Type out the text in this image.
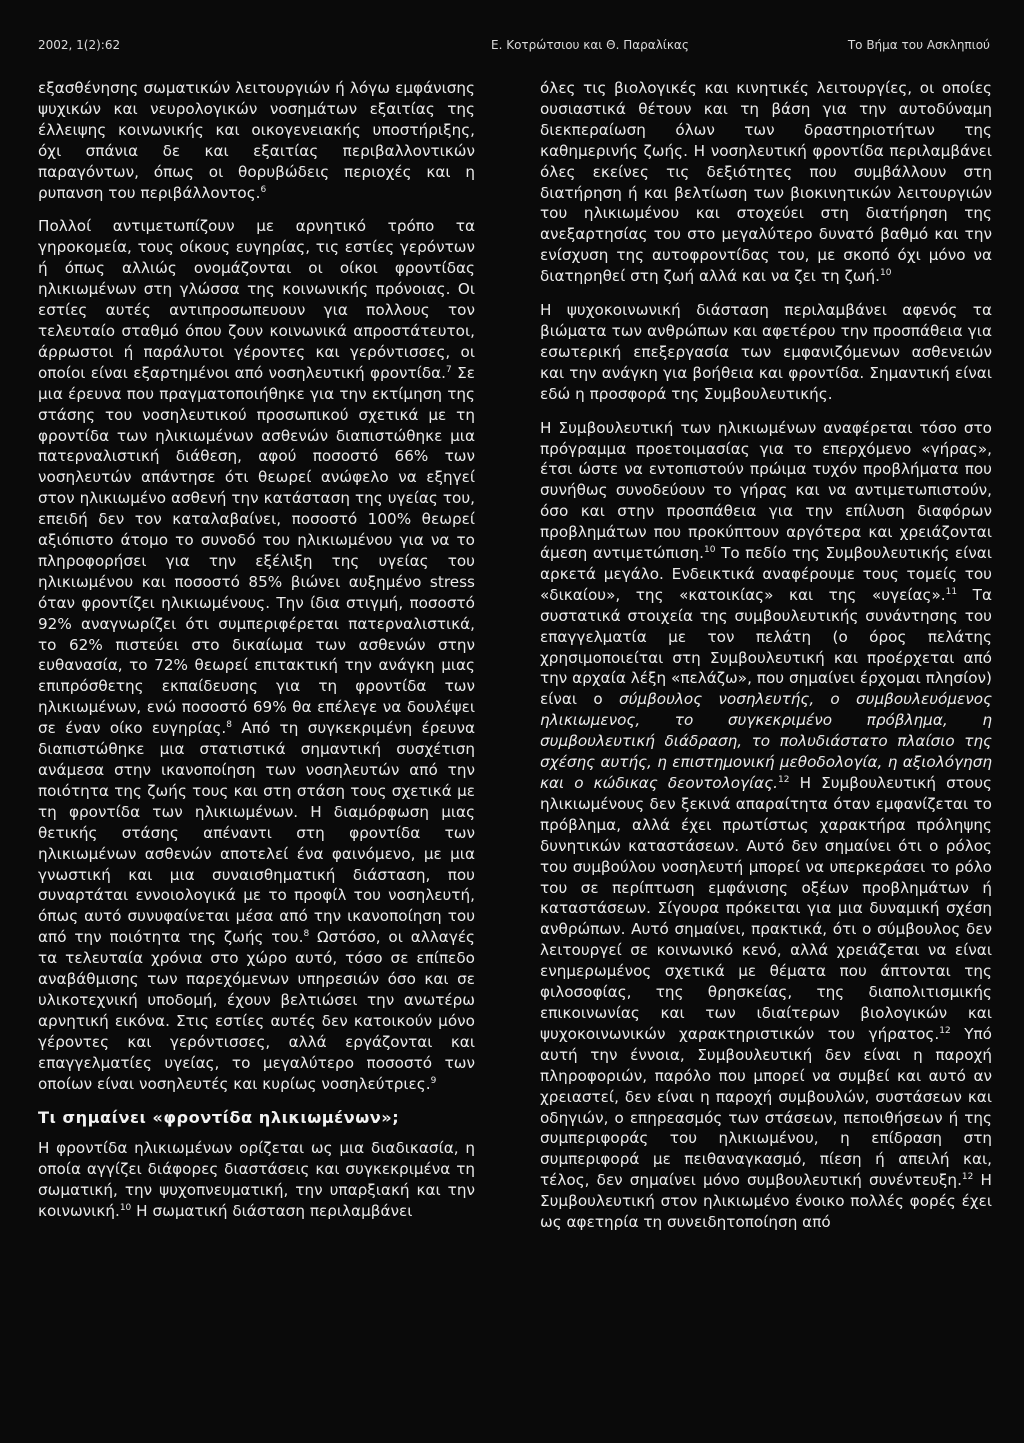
2002, 1(2):62	Ε. Κοτρώτσιου και Θ. Παραλίκας	Το Βήμα του Ασκληπιού

εξασθένησης σωματικών λειτουργιών ή λόγω εμφάνισης ψυχικών και νευρολογικών νοσημάτων εξαιτίας της έλλειψης κοινωνικής και οικογενειακής υποστήριξης, όχι σπάνια δε και εξαιτίας περιβαλλοντικών παραγόντων, όπως οι θορυβώδεις περιοχές και η ρυπανση του περιβάλλοντος.$^6$

Πολλοί αντιμετωπίζουν με αρνητικό τρόπο τα γηροκομεία, τους οίκους ευγηρίας, τις εστίες γερόντων ή όπως αλλιώς ονομάζονται οι οίκοι φροντίδας ηλικιωμένων στη γλώσσα της κοινωνικής πρόνοιας. Οι εστίες αυτές αντιπροσωπευουν για πολλους τον τελευταίο σταθμό όπου ζουν κοινωνικά απροστάτευτοι, άρρωστοι ή παράλυτοι γέροντες και γερόντισσες, οι οποίοι είναι εξαρτημένοι από νοσηλευτική φροντίδα.$^7$ Σε μια έρευνα που πραγματοποιήθηκε για την εκτίμηση της στάσης του νοσηλευτικού προσωπικού σχετικά με τη φροντίδα των ηλικιωμένων ασθενών διαπιστώθηκε μια πατερναλιστική διάθεση, αφού ποσοστό 66% των νοσηλευτών απάντησε ότι θεωρεί ανώφελο να εξηγεί στον ηλικιωμένο ασθενή την κατάσταση της υγείας του, επειδή δεν τον καταλαβαίνει, ποσοστό 100% θεωρεί αξιόπιστο άτομο το συνοδό του ηλικιωμένου για να το πληροφορήσει για την εξέλιξη της υγείας του ηλικιωμένου και ποσοστό 85% βιώνει αυξημένο stress όταν φροντίζει ηλικιωμένους. Την ίδια στιγμή, ποσοστό 92% αναγνωρίζει ότι συμπεριφέρεται πατερναλιστικά, το 62% πιστεύει στο δικαίωμα των ασθενών στην ευθανασία, το 72% θεωρεί επιτακτική την ανάγκη μιας επιπρόσθετης εκπαίδευσης για τη φροντίδα των ηλικιωμένων, ενώ ποσοστό 69% θα επέλεγε να δουλέψει σε έναν οίκο ευγηρίας.$^8$ Από τη συγκεκριμένη έρευνα διαπιστώθηκε μια στατιστικά σημαντική συσχέτιση ανάμεσα στην ικανοποίηση των νοσηλευτών από την ποιότητα της ζωής τους και στη στάση τους σχετικά με τη φροντίδα των ηλικιωμένων. Η διαμόρφωση μιας θετικής στάσης απέναντι στη φροντίδα των ηλικιωμένων ασθενών αποτελεί ένα φαινόμενο, με μια γνωστική και μια συναισθηματική διάσταση, που συναρτάται εννοιολογικά με το προφίλ του νοσηλευτή, όπως αυτό συνυφαίνεται μέσα από την ικανοποίηση του από την ποιότητα της ζωής του.$^8$ Ωστόσο, οι αλλαγές τα τελευταία χρόνια στο χώρο αυτό, τόσο σε επίπεδο αναβάθμισης των παρεχόμενων υπηρεσιών όσο και σε υλικοτεχνική υποδομή, έχουν βελτιώσει την ανωτέρω αρνητική εικόνα. Στις εστίες αυτές δεν κατοικούν μόνο γέροντες και γερόντισσες, αλλά εργάζονται και επαγγελματίες υγείας, το μεγαλύτερο ποσοστό των οποίων είναι νοσηλευτές και κυρίως νοσηλεύτριες.$^9$

Τι σημαίνει «φροντίδα ηλικιωμένων»;

Η φροντίδα ηλικιωμένων ορίζεται ως μια διαδικασία, η οποία αγγίζει διάφορες διαστάσεις και συγκεκριμένα τη σωματική, την ψυχοπνευματική, την υπαρξιακή και την κοινωνική.$^{10}$ Η σωματική διάσταση περιλαμβάνει

όλες τις βιολογικές και κινητικές λειτουργίες, οι οποίες ουσιαστικά θέτουν και τη βάση για την αυτοδύναμη διεκπεραίωση όλων των δραστηριοτήτων της καθημερινής ζωής. Η νοσηλευτική φροντίδα περιλαμβάνει όλες εκείνες τις δεξιότητες που συμβάλλουν στη διατήρηση ή και βελτίωση των βιοκινητικών λειτουργιών του ηλικιωμένου και στοχεύει στη διατήρηση της ανεξαρτησίας του στο μεγαλύτερο δυνατό βαθμό και την ενίσχυση της αυτοφροντίδας του, με σκοπό όχι μόνο να διατηρηθεί στη ζωή αλλά και να ζει τη ζωή.$^{10}$

Η ψυχοκοινωνική διάσταση περιλαμβάνει αφενός τα βιώματα των ανθρώπων και αφετέρου την προσπάθεια για εσωτερική επεξεργασία των εμφανιζόμενων ασθενειών και την ανάγκη για βοήθεια και φροντίδα. Σημαντική είναι εδώ η προσφορά της Συμβουλευτικής.

Η Συμβουλευτική των ηλικιωμένων αναφέρεται τόσο στο πρόγραμμα προετοιμασίας για το επερχόμενο «γήρας», έτσι ώστε να εντοπιστούν πρώιμα τυχόν προβλήματα που συνήθως συνοδεύουν το γήρας και να αντιμετωπιστούν, όσο και στην προσπάθεια για την επίλυση διαφόρων προβλημάτων που προκύπτουν αργότερα και χρειάζονται άμεση αντιμετώπιση.$^{10}$ Το πεδίο της Συμβουλευτικής είναι αρκετά μεγάλο. Ενδεικτικά αναφέρουμε τους τομείς του «δικαίου», της «κατοικίας» και της «υγείας».$^{11}$ Τα συστατικά στοιχεία της συμβουλευτικής συνάντησης του επαγγελματία με τον πελάτη (ο όρος πελάτης χρησιμοποιείται στη Συμβουλευτική και προέρχεται από την αρχαία λέξη «πελάζω», που σημαίνει έρχομαι πλησίον) είναι ο σύμβουλος νοσηλευτής, ο συμβουλευόμενος ηλικιωμενος, το συγκεκριμένο πρόβλημα, η συμβουλευτική διάδραση, το πολυδιάστατο πλαίσιο της σχέσης αυτής, η επιστημονική μεθοδολογία, η αξιολόγηση και ο κώδικας δεοντολογίας.$^{12}$ Η Συμβουλευτική στους ηλικιωμένους δεν ξεκινά απαραίτητα όταν εμφανίζεται το πρόβλημα, αλλά έχει πρωτίστως χαρακτήρα πρόληψης δυνητικών καταστάσεων. Αυτό δεν σημαίνει ότι ο ρόλος του συμβούλου νοσηλευτή μπορεί να υπερκεράσει το ρόλο του σε περίπτωση εμφάνισης οξέων προβλημάτων ή καταστάσεων. Σίγουρα πρόκειται για μια δυναμική σχέση ανθρώπων. Αυτό σημαίνει, πρακτικά, ότι ο σύμβουλος δεν λειτουργεί σε κοινωνικό κενό, αλλά χρειάζεται να είναι ενημερωμένος σχετικά με θέματα που άπτονται της φιλοσοφίας, της θρησκείας, της διαπολιτισμικής επικοινωνίας και των ιδιαίτερων βιολογικών και ψυχοκοινωνικών χαρακτηριστικών του γήρατος.$^{12}$ Υπό αυτή την έννοια, Συμβουλευτική δεν είναι η παροχή πληροφοριών, παρόλο που μπορεί να συμβεί και αυτό αν χρειαστεί, δεν είναι η παροχή συμβουλών, συστάσεων και οδηγιών, ο επηρεασμός των στάσεων, πεποιθήσεων ή της συμπεριφοράς του ηλικιωμένου, η επίδραση στη συμπεριφορά με πειθαναγκασμό, πίεση ή απειλή και, τέλος, δεν σημαίνει μόνο συμβουλευτική συνέντευξη.$^{12}$ Η Συμβουλευτική στον ηλικιωμένο ένοικο πολλές φορές έχει ως αφετηρία τη συνειδητοποίηση από
